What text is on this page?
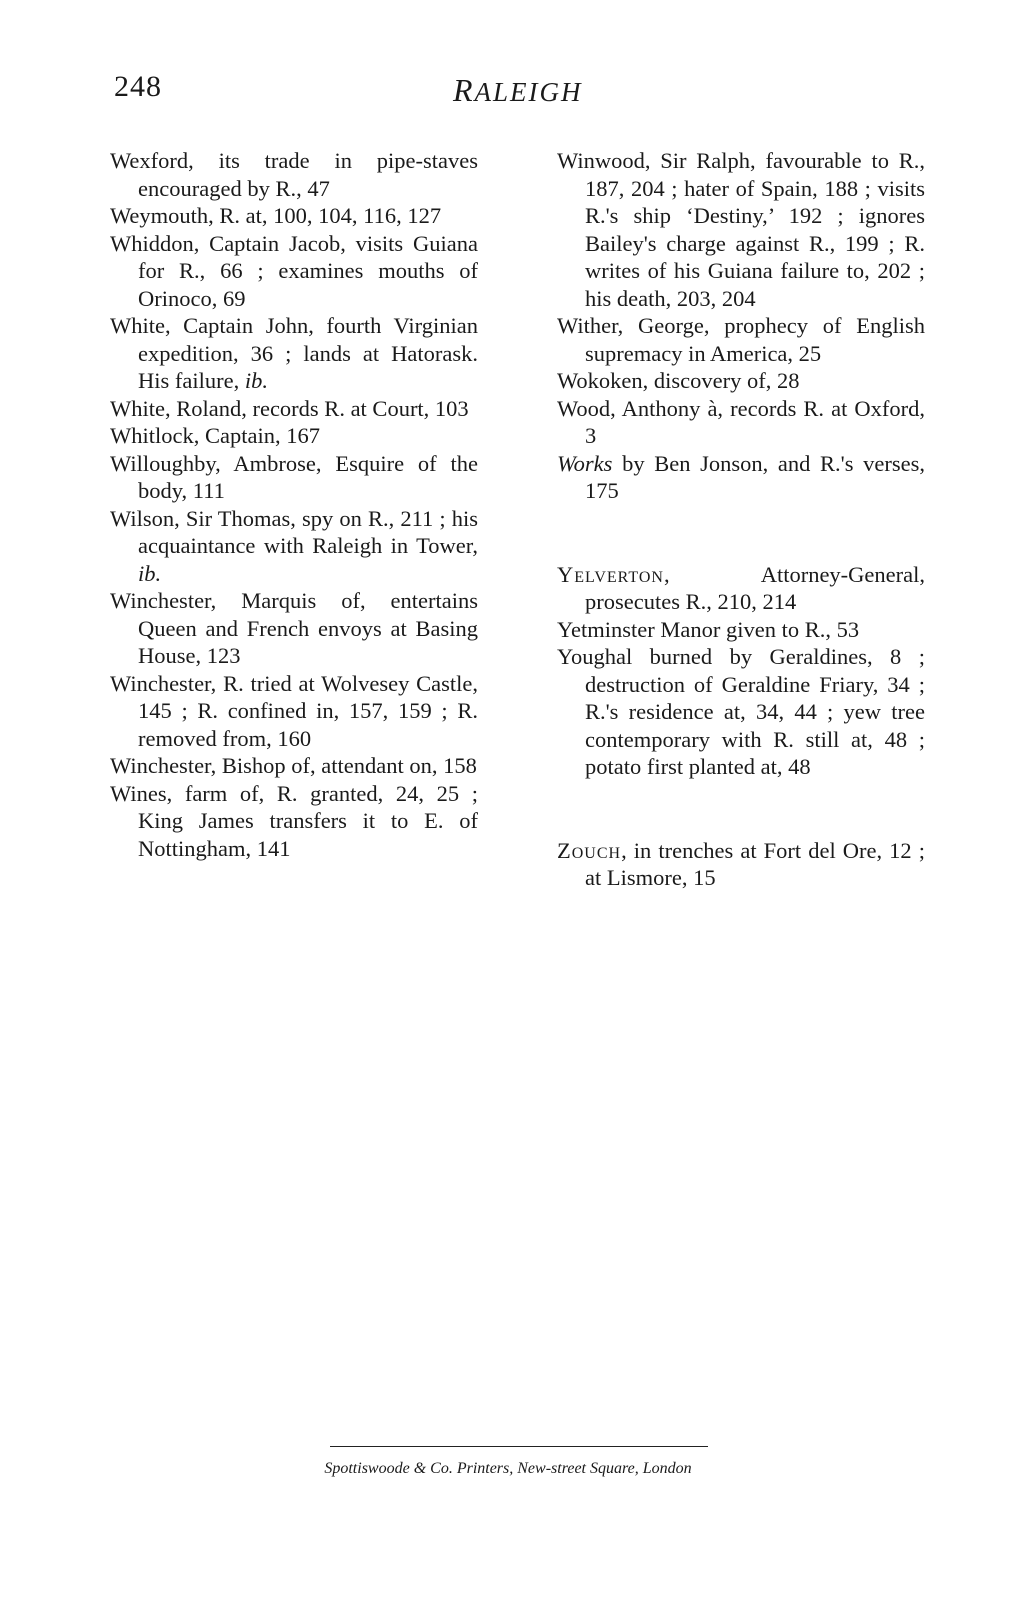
248	RALEIGH

Wexford, its trade in pipe-staves encouraged by R., 47

Weymouth, R. at, 100, 104, 116, 127

Whiddon, Captain Jacob, visits Guiana for R., 66 ; examines mouths of Orinoco, 69

White, Captain John, fourth Virginian expedition, 36 ; lands at Hatorask. His failure, ib.

White, Roland, records R. at Court, 103

Whitlock, Captain, 167

Willoughby, Ambrose, Esquire of the body, 111

Wilson, Sir Thomas, spy on R., 211 ; his acquaintance with Raleigh in Tower, ib.

Winchester, Marquis of, entertains Queen and French envoys at Basing House, 123

Winchester, R. tried at Wolvesey Castle, 145 ; R. confined in, 157, 159 ; R. removed from, 160

Winchester, Bishop of, attendant on, 158

Wines, farm of, R. granted, 24, 25 ; King James transfers it to E. of Nottingham, 141

Winwood, Sir Ralph, favourable to R., 187, 204 ; hater of Spain, 188 ; visits R.'s ship ‘Destiny,’ 192 ; ignores Bailey's charge against R., 199 ; R. writes of his Guiana failure to, 202 ; his death, 203, 204

Wither, George, prophecy of English supremacy in America, 25

Wokoken, discovery of, 28

Wood, Anthony à, records R. at Oxford, 3

Works by Ben Jonson, and R.'s verses, 175

Yelverton, Attorney-General, prosecutes R., 210, 214

Yetminster Manor given to R., 53

Youghal burned by Geraldines, 8 ; destruction of Geraldine Friary, 34 ; R.'s residence at, 34, 44 ; yew tree contemporary with R. still at, 48 ; potato first planted at, 48

Zouch, in trenches at Fort del Ore, 12 ; at Lismore, 15

Spottiswoode & Co. Printers, New-street Square, London
